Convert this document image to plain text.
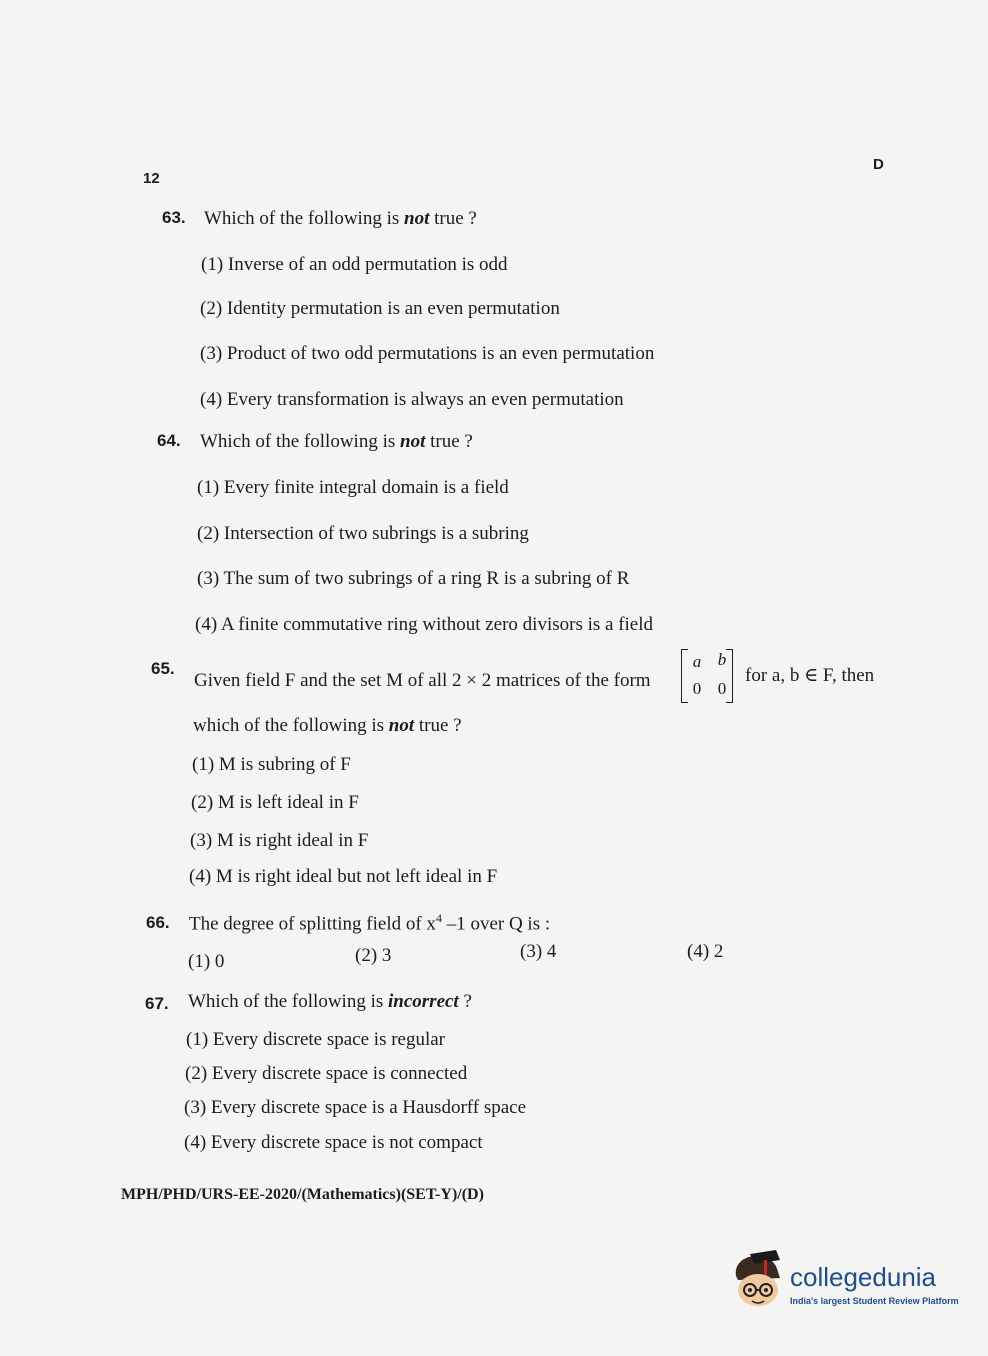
12
D
63. Which of the following is not true ?
(1) Inverse of an odd permutation is odd
(2) Identity permutation is an even permutation
(3) Product of two odd permutations is an even permutation
(4) Every transformation is always an even permutation
64. Which of the following is not true ?
(1) Every finite integral domain is a field
(2) Intersection of two subrings is a subring
(3) The sum of two subrings of a ring R is a subring of R
(4) A finite commutative ring without zero divisors is a field
65.
Given field F and the set M of all 2 × 2 matrices of the form
a b
0 0
for a, b ∈ F, then
which of the following is not true ?
(1) M is subring of F
(2) M is left ideal in F
(3) M is right ideal in F
(4) M is right ideal but not left ideal in F
66. The degree of splitting field of $x^4$ –1 over Q is :
(1) 0	(2) 3	(3) 4	(4) 2
67. Which of the following is incorrect ?
(1) Every discrete space is regular
(2) Every discrete space is connected
(3) Every discrete space is a Hausdorff space
(4) Every discrete space is not compact
MPH/PHD/URS-EE-2020/(Mathematics)(SET-Y)/(D)
collegedunia
India's largest Student Review Platform
